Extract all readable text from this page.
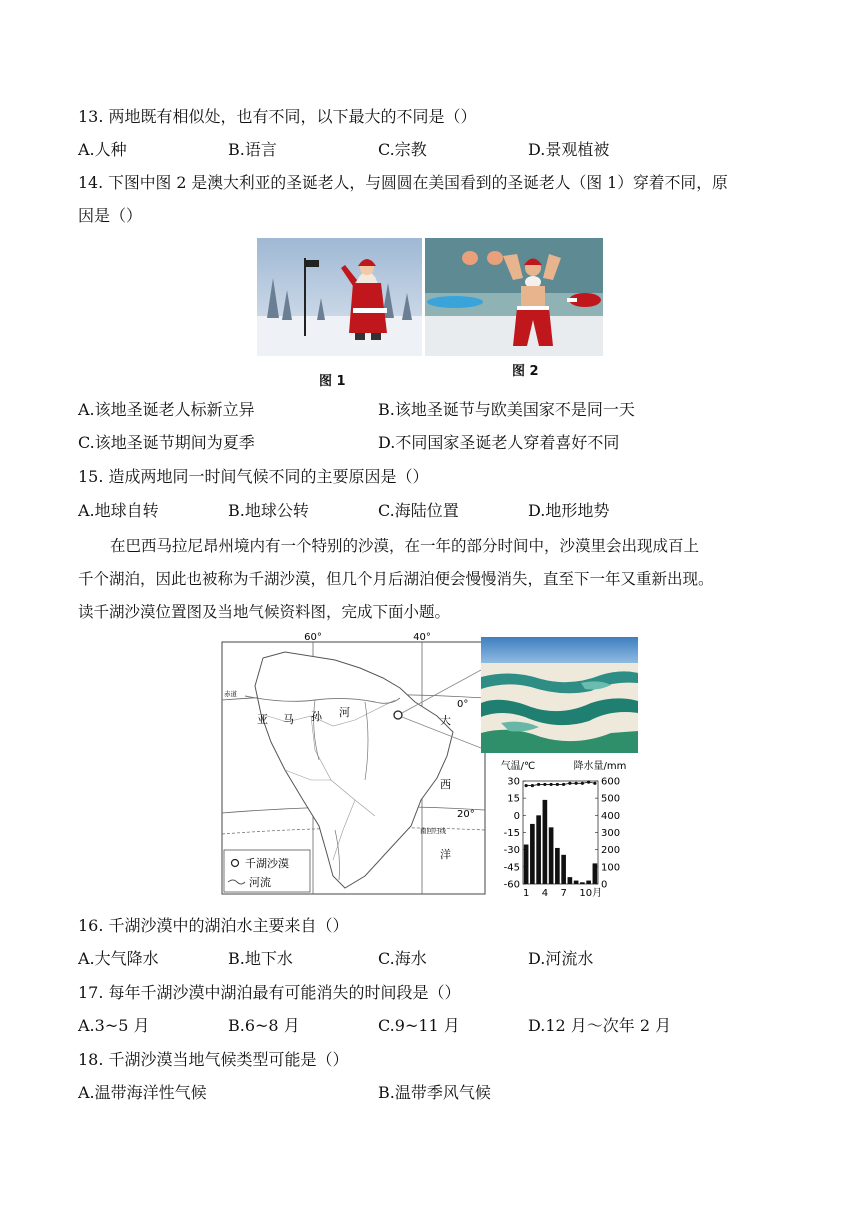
13. 两地既有相似处，也有不同，以下最大的不同是（）
A.人种	B.语言	C.宗教	D.景观植被
14. 下图中图 2 是澳大利亚的圣诞老人，与圆圆在美国看到的圣诞老人（图 1）穿着不同，原
因是（）
图 1
图 2
A.该地圣诞老人标新立异	B.该地圣诞节与欧美国家不是同一天
C.该地圣诞节期间为夏季	D.不同国家圣诞老人穿着喜好不同
15. 造成两地同一时间气候不同的主要原因是（）
A.地球自转	B.地球公转	C.海陆位置	D.地形地势
在巴西马拉尼昂州境内有一个特别的沙漠，在一年的部分时间中，沙漠里会出现成百上
千个湖泊，因此也被称为千湖沙漠，但几个月后湖泊便会慢慢消失，直至下一年又重新出现。
读千湖沙漠位置图及当地气候资料图，完成下面小题。
60°	40°
0°
20°
赤道
南回归线
亚 马 孙 河
大
西
洋
千湖沙漠
河流
气温/℃	降水量/mm
30
15
0
-15
-30
-45
-60
600
500
400
300
200
100
0
1 4 7 10月
16. 千湖沙漠中的湖泊水主要来自（）
A.大气降水	B.地下水	C.海水	D.河流水
17. 每年千湖沙漠中湖泊最有可能消失的时间段是（）
A.3~5 月	B.6~8 月	C.9~11 月	D.12 月～次年 2 月
18. 千湖沙漠当地气候类型可能是（）
A.温带海洋性气候	B.温带季风气候
